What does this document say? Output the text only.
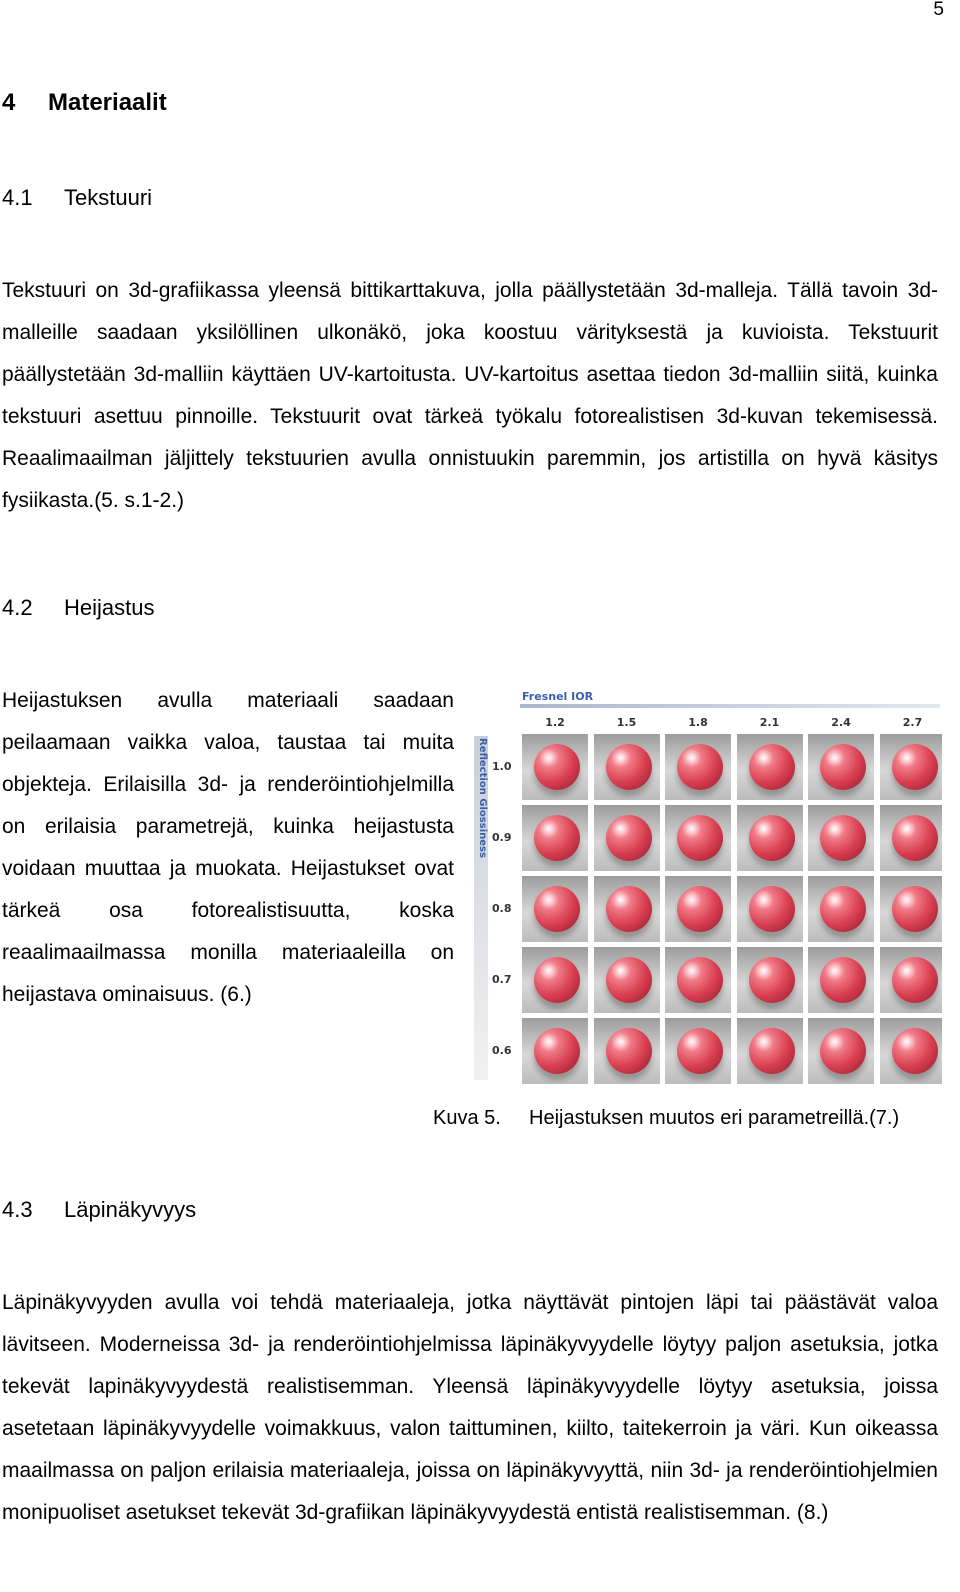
5
4 Materiaalit
4.1 Tekstuuri

Tekstuuri on 3d-grafiikassa yleensä bittikarttakuva, jolla päällystetään 3d-malleja. Tällä tavoin 3d-malleille saadaan yksilöllinen ulkonäkö, joka koostuu värityksestä ja kuvioista. Tekstuurit päällystetään 3d-malliin käyttäen UV-kartoitusta. UV-kartoitus asettaa tiedon 3d-malliin siitä, kuinka tekstuuri asettuu pinnoille. Tekstuurit ovat tärkeä työkalu fotorealistisen 3d-kuvan tekemisessä. Reaalimaailman jäljittely tekstuurien avulla onnistuukin paremmin, jos artistilla on hyvä käsitys fysiikasta.(5. s.1-2.)

4.2 Heijastus

Heijastuksen avulla materiaali saadaan peilaamaan vaikka valoa, taustaa tai muita objekteja. Erilaisilla 3d- ja renderöintiohjelmilla on erilaisia parametrejä, kuinka heijastusta voidaan muuttaa ja muokata. Heijastukset ovat tärkeä osa fotorealistisuutta, koska reaalimaailmassa monilla materiaaleilla on heijastava ominaisuus. (6.)

Fresnel IOR
Reflection Glossiness
1.2	1.5	1.8	2.1	2.4	2.7
1.0
0.9
0.8
0.7
0.6

Kuva 5. Heijastuksen muutos eri parametreillä.(7.)

4.3 Läpinäkyvyys

Läpinäkyvyyden avulla voi tehdä materiaaleja, jotka näyttävät pintojen läpi tai päästävät valoa lävitseen. Moderneissa 3d- ja renderöintiohjelmissa läpinäkyvyydelle löytyy paljon asetuksia, jotka tekevät lapinäkyvyydestä realistisemman. Yleensä läpinäkyvyydelle löytyy asetuksia, joissa asetetaan läpinäkyvyydelle voimakkuus, valon taittuminen, kiilto, taitekerroin ja väri. Kun oikeassa maailmassa on paljon erilaisia materiaaleja, joissa on läpinäkyvyyttä, niin 3d- ja renderöintiohjelmien monipuoliset asetukset tekevät 3d-grafiikan läpinäkyvyydestä entistä realistisemman. (8.)
